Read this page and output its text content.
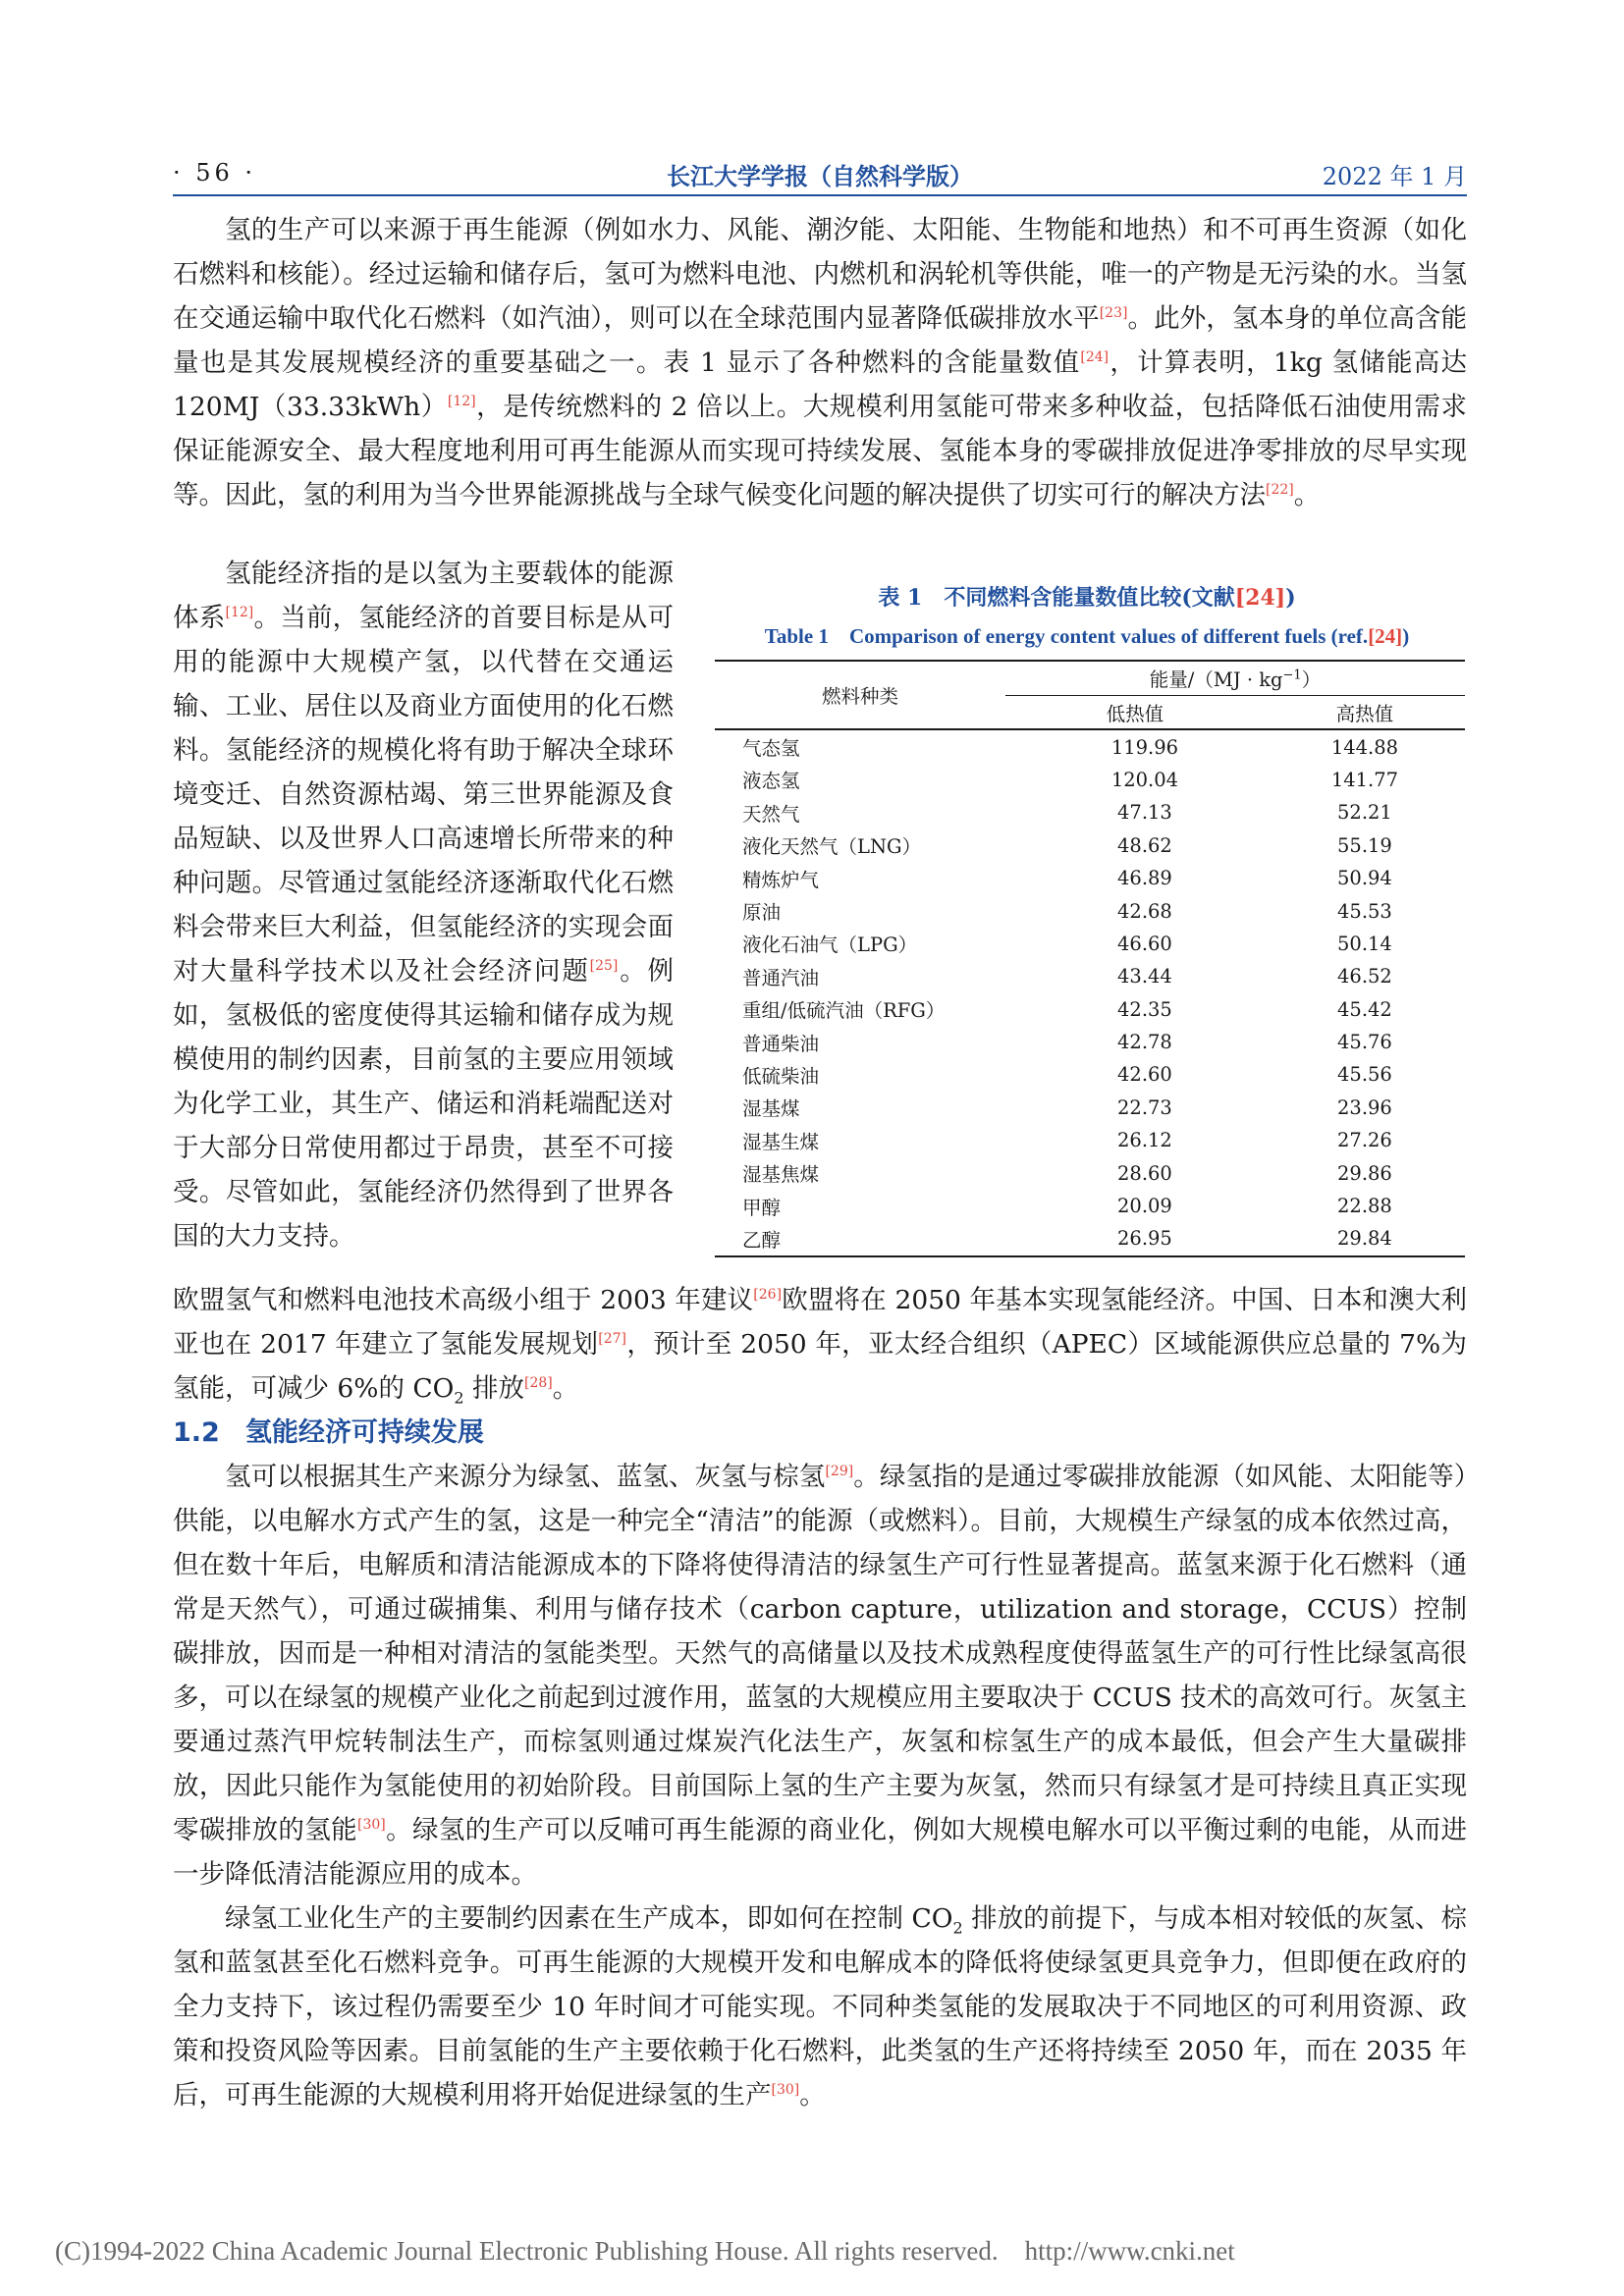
· 56 ·	长江大学学报（自然科学版）	2022 年 1 月

氢的生产可以来源于再生能源（例如水力、风能、潮汐能、太阳能、生物能和地热）和不可再生资源（如化石燃料和核能）。经过运输和储存后，氢可为燃料电池、内燃机和涡轮机等供能，唯一的产物是无污染的水。当氢在交通运输中取代化石燃料（如汽油），则可以在全球范围内显著降低碳排放水平[23]。此外，氢本身的单位高含能量也是其发展规模经济的重要基础之一。表 1 显示了各种燃料的含能量数值[24]，计算表明，1kg 氢储能高达 120MJ（33.33kWh）[12]，是传统燃料的 2 倍以上。大规模利用氢能可带来多种收益，包括降低石油使用需求保证能源安全、最大程度地利用可再生能源从而实现可持续发展、氢能本身的零碳排放促进净零排放的尽早实现等。因此，氢的利用为当今世界能源挑战与全球气候变化问题的解决提供了切实可行的解决方法[22]。

氢能经济指的是以氢为主要载体的能源体系[12]。当前，氢能经济的首要目标是从可用的能源中大规模产氢，以代替在交通运输、工业、居住以及商业方面使用的化石燃料。氢能经济的规模化将有助于解决全球环境变迁、自然资源枯竭、第三世界能源及食品短缺、以及世界人口高速增长所带来的种种问题。尽管通过氢能经济逐渐取代化石燃料会带来巨大利益，但氢能经济的实现会面对大量科学技术以及社会经济问题[25]。例如，氢极低的密度使得其运输和储存成为规模使用的制约因素，目前氢的主要应用领域为化学工业，其生产、储运和消耗端配送对于大部分日常使用都过于昂贵，甚至不可接受。尽管如此，氢能经济仍然得到了世界各国的大力支持。

表 1　不同燃料含能量数值比较(文献[24])
Table 1　Comparison of energy content values of different fuels (ref.[24])
燃料种类	能量$/(MJ \cdot kg^{-1})$	
	低热值	高热值
气态氢	119.96	144.88
液态氢	120.04	141.77
天然气	47.13	52.21
液化天然气（LNG）	48.62	55.19
精炼炉气	46.89	50.94
原油	42.68	45.53
液化石油气（LPG）	46.60	50.14
普通汽油	43.44	46.52
重组/低硫汽油（RFG）	42.35	45.42
普通柴油	42.78	45.76
低硫柴油	42.60	45.56
湿基煤	22.73	23.96
湿基生煤	26.12	27.26
湿基焦煤	28.60	29.86
甲醇	20.09	22.88
乙醇	26.95	29.84

欧盟氢气和燃料电池技术高级小组于 2003 年建议[26]欧盟将在 2050 年基本实现氢能经济。中国、日本和澳大利亚也在 2017 年建立了氢能发展规划[27]，预计至 2050 年，亚太经合组织（APEC）区域能源供应总量的 7%为氢能，可减少 6%的 $CO_2$ 排放[28]。

1.2 氢能经济可持续发展

氢可以根据其生产来源分为绿氢、蓝氢、灰氢与棕氢[29]。绿氢指的是通过零碳排放能源（如风能、太阳能等）供能，以电解水方式产生的氢，这是一种完全“清洁”的能源（或燃料）。目前，大规模生产绿氢的成本依然过高，但在数十年后，电解质和清洁能源成本的下降将使得清洁的绿氢生产可行性显著提高。蓝氢来源于化石燃料（通常是天然气），可通过碳捕集、利用与储存技术（carbon capture，utilization and storage，CCUS）控制碳排放，因而是一种相对清洁的氢能类型。天然气的高储量以及技术成熟程度使得蓝氢生产的可行性比绿氢高很多，可以在绿氢的规模产业化之前起到过渡作用，蓝氢的大规模应用主要取决于 CCUS 技术的高效可行。灰氢主要通过蒸汽甲烷转制法生产，而棕氢则通过煤炭汽化法生产，灰氢和棕氢生产的成本最低，但会产生大量碳排放，因此只能作为氢能使用的初始阶段。目前国际上氢的生产主要为灰氢，然而只有绿氢才是可持续且真正实现零碳排放的氢能[30]。绿氢的生产可以反哺可再生能源的商业化，例如大规模电解水可以平衡过剩的电能，从而进一步降低清洁能源应用的成本。

绿氢工业化生产的主要制约因素在生产成本，即如何在控制 $CO_2$ 排放的前提下，与成本相对较低的灰氢、棕氢和蓝氢甚至化石燃料竞争。可再生能源的大规模开发和电解成本的降低将使绿氢更具竞争力，但即便在政府的全力支持下，该过程仍需要至少 10 年时间才可能实现。不同种类氢能的发展取决于不同地区的可利用资源、政策和投资风险等因素。目前氢能的生产主要依赖于化石燃料，此类氢的生产还将持续至 2050 年，而在 2035 年后，可再生能源的大规模利用将开始促进绿氢的生产[30]。

(C)1994-2022 China Academic Journal Electronic Publishing House. All rights reserved.    http://www.cnki.net
